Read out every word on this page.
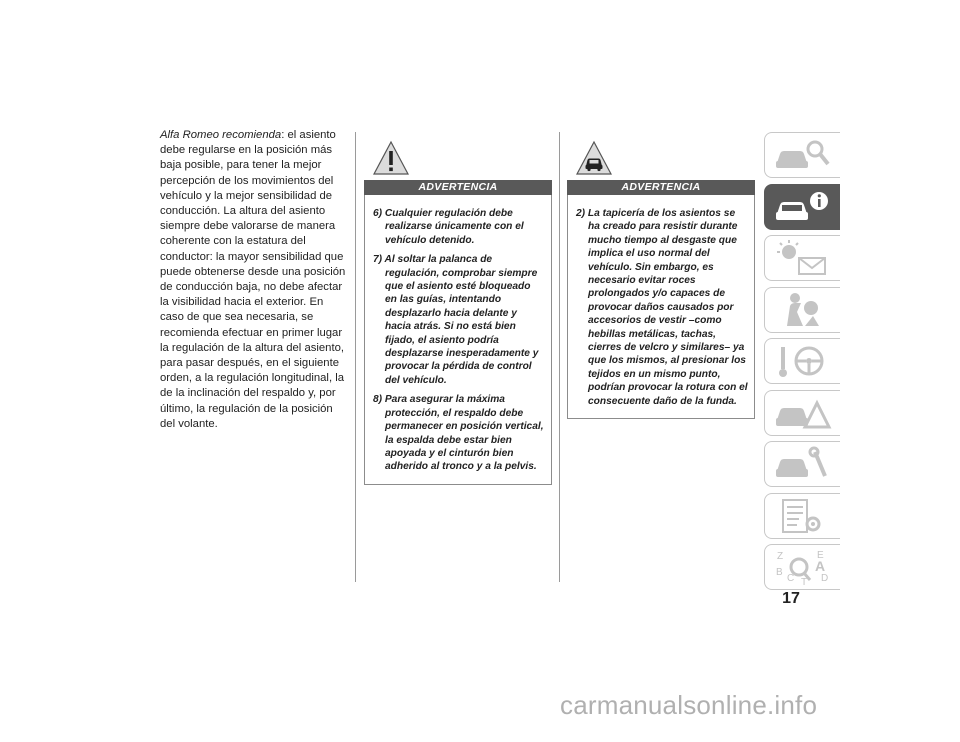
Alfa Romeo recomienda: el asiento debe regularse en la posición más baja posible, para tener la mejor percepción de los movimientos del vehículo y la mejor sensibilidad de conducción. La altura del asiento siempre debe valorarse de manera coherente con la estatura del conductor: la mayor sensibilidad que puede obtenerse desde una posición de conducción baja, no debe afectar la visibilidad hacia el exterior. En caso de que sea necesaria, se recomienda efectuar en primer lugar la regulación de la altura del asiento, para pasar después, en el siguiente orden, a la regulación longitudinal, la de la inclinación del respaldo y, por último, la regulación de la posición del volante.
ADVERTENCIA

6) Cualquier regulación debe realizarse únicamente con el vehículo detenido.

7) Al soltar la palanca de regulación, comprobar siempre que el asiento esté bloqueado en las guías, intentando desplazarlo hacia delante y hacia atrás. Si no está bien fijado, el asiento podría desplazarse inesperadamente y provocar la pérdida de control del vehículo.

8) Para asegurar la máxima protección, el respaldo debe permanecer en posición vertical, la espalda debe estar bien apoyada y el cinturón bien adherido al tronco y a la pelvis.

ADVERTENCIA

2) La tapicería de los asientos se ha creado para resistir durante mucho tiempo al desgaste que implica el uso normal del vehículo. Sin embargo, es necesario evitar roces prolongados y/o capaces de provocar daños causados por accesorios de vestir –como hebillas metálicas, tachas, cierres de velcro y similares– ya que los mismos, al presionar los tejidos en un mismo punto, podrían provocar la rotura con el consecuente daño de la funda.

Z	E
B A
C	D
T
17
carmanualsonline.info
